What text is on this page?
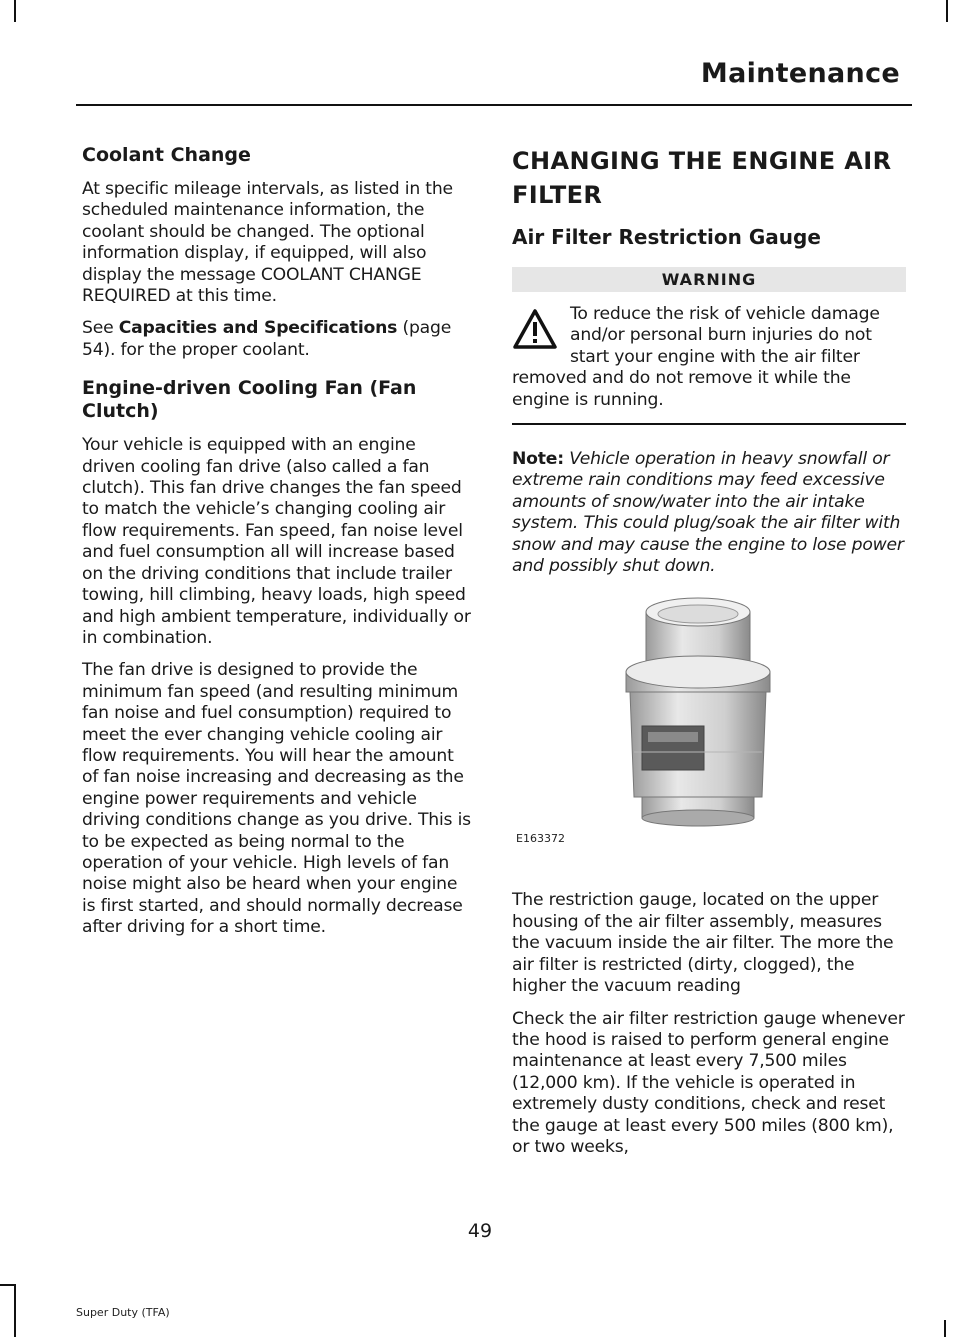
Maintenance
Coolant Change

At specific mileage intervals, as listed in the scheduled maintenance information, the coolant should be changed. The optional information display, if equipped, will also display the message COOLANT CHANGE REQUIRED at this time.

See Capacities and Specifications (page 54). for the proper coolant.

Engine-driven Cooling Fan (Fan Clutch)

Your vehicle is equipped with an engine driven cooling fan drive (also called a fan clutch). This fan drive changes the fan speed to match the vehicle’s changing cooling air flow requirements. Fan speed, fan noise level and fuel consumption all will increase based on the driving conditions that include trailer towing, hill climbing, heavy loads, high speed and high ambient temperature, individually or in combination.

The fan drive is designed to provide the minimum fan speed (and resulting minimum fan noise and fuel consumption) required to meet the ever changing vehicle cooling air flow requirements. You will hear the amount of fan noise increasing and decreasing as the engine power requirements and vehicle driving conditions change as you drive. This is to be expected as being normal to the operation of your vehicle. High levels of fan noise might also be heard when your engine is first started, and should normally decrease after driving for a short time.

CHANGING THE ENGINE AIR FILTER
Air Filter Restriction Gauge
WARNING

To reduce the risk of vehicle damage and/or personal burn injuries do not start your engine with the air filter removed and do not remove it while the engine is running.

Note: Vehicle operation in heavy snowfall or extreme rain conditions may feed excessive amounts of snow/water into the air intake system. This could plug/soak the air filter with snow and may cause the engine to lose power and possibly shut down.

E163372

The restriction gauge, located on the upper housing of the air filter assembly, measures the vacuum inside the air filter. The more the air filter is restricted (dirty, clogged), the higher the vacuum reading

Check the air filter restriction gauge whenever the hood is raised to perform general engine maintenance at least every 7,500 miles (12,000 km). If the vehicle is operated in extremely dusty conditions, check and reset the gauge at least every 500 miles (800 km), or two weeks,

49
Super Duty (TFA)
